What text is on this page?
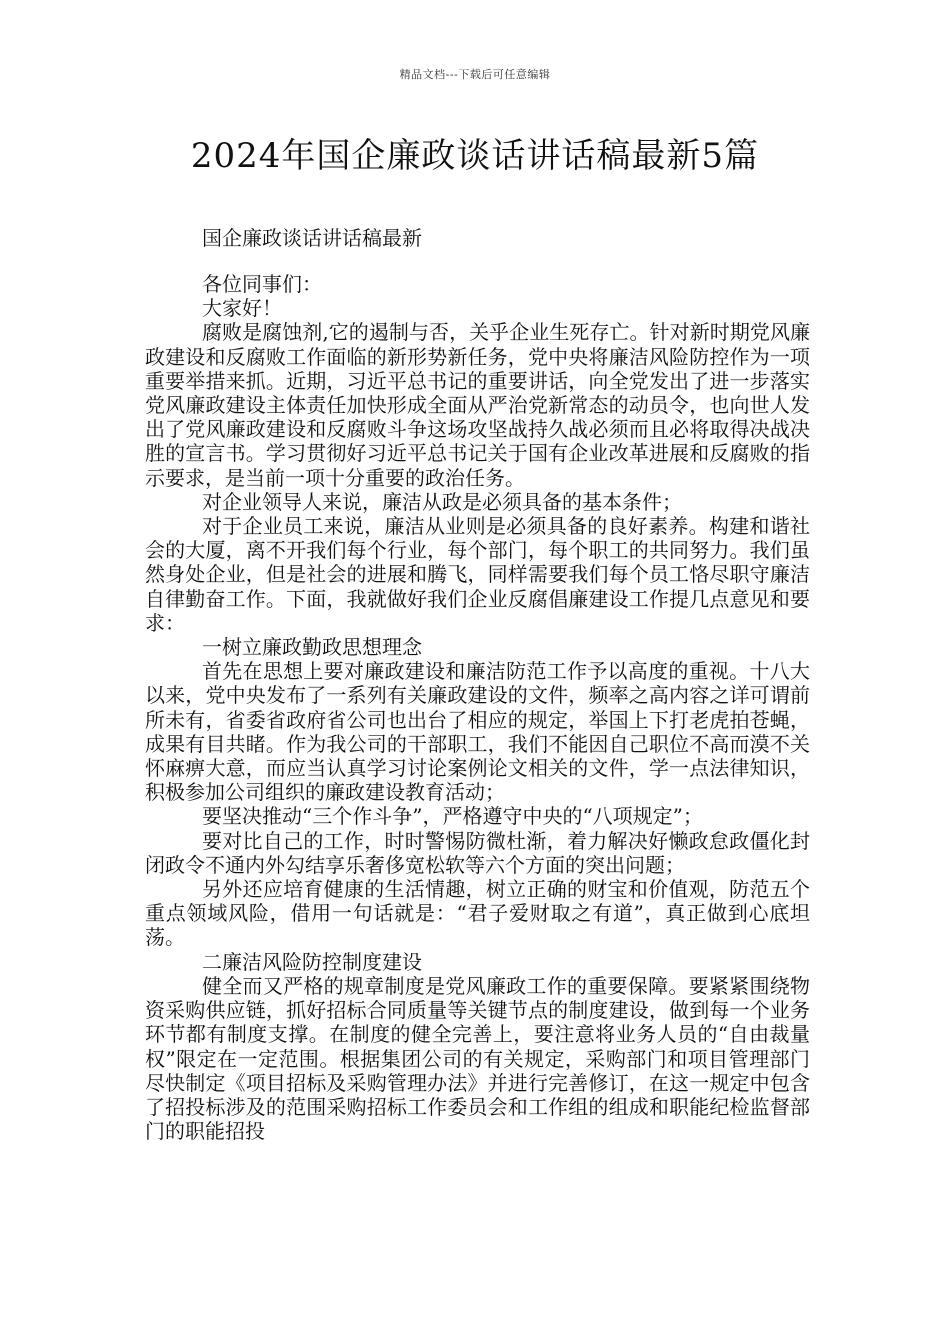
精品文档---下载后可任意编辑
2024年国企廉政谈话讲话稿最新5篇

国企廉政谈话讲话稿最新

各位同事们：

大家好！

腐败是腐蚀剂,它的遏制与否，关乎企业生死存亡。针对新时期党风廉政建设和反腐败工作面临的新形势新任务，党中央将廉洁风险防控作为一项重要举措来抓。近期，习近平总书记的重要讲话，向全党发出了进一步落实党风廉政建设主体责任加快形成全面从严治党新常态的动员令，也向世人发出了党风廉政建设和反腐败斗争这场攻坚战持久战必须而且必将取得决战决胜的宣言书。学习贯彻好习近平总书记关于国有企业改革进展和反腐败的指示要求，是当前一项十分重要的政治任务。

对企业领导人来说，廉洁从政是必须具备的基本条件；

对于企业员工来说，廉洁从业则是必须具备的良好素养。构建和谐社会的大厦，离不开我们每个行业，每个部门，每个职工的共同努力。我们虽然身处企业，但是社会的进展和腾飞，同样需要我们每个员工恪尽职守廉洁自律勤奋工作。下面，我就做好我们企业反腐倡廉建设工作提几点意见和要求：

一树立廉政勤政思想理念

首先在思想上要对廉政建设和廉洁防范工作予以高度的重视。十八大以来，党中央发布了一系列有关廉政建设的文件，频率之高内容之详可谓前所未有，省委省政府省公司也出台了相应的规定，举国上下打老虎拍苍蝇，成果有目共睹。作为我公司的干部职工，我们不能因自己职位不高而漠不关怀麻痹大意，而应当认真学习讨论案例论文相关的文件，学一点法律知识，积极参加公司组织的廉政建设教育活动；

要坚决推动“三个作斗争”，严格遵守中央的“八项规定”；

要对比自己的工作，时时警惕防微杜渐，着力解决好懒政怠政僵化封闭政令不通内外勾结享乐奢侈宽松软等六个方面的突出问题；

另外还应培育健康的生活情趣，树立正确的财宝和价值观，防范五个重点领域风险，借用一句话就是：“君子爱财取之有道”，真正做到心底坦荡。

二廉洁风险防控制度建设

健全而又严格的规章制度是党风廉政工作的重要保障。要紧紧围绕物资采购供应链，抓好招标合同质量等关键节点的制度建设，做到每一个业务环节都有制度支撑。在制度的健全完善上，要注意将业务人员的“自由裁量权”限定在一定范围。根据集团公司的有关规定，采购部门和项目管理部门尽快制定《项目招标及采购管理办法》并进行完善修订，在这一规定中包含了招投标涉及的范围采购招标工作委员会和工作组的组成和职能纪检监督部门的职能招投
